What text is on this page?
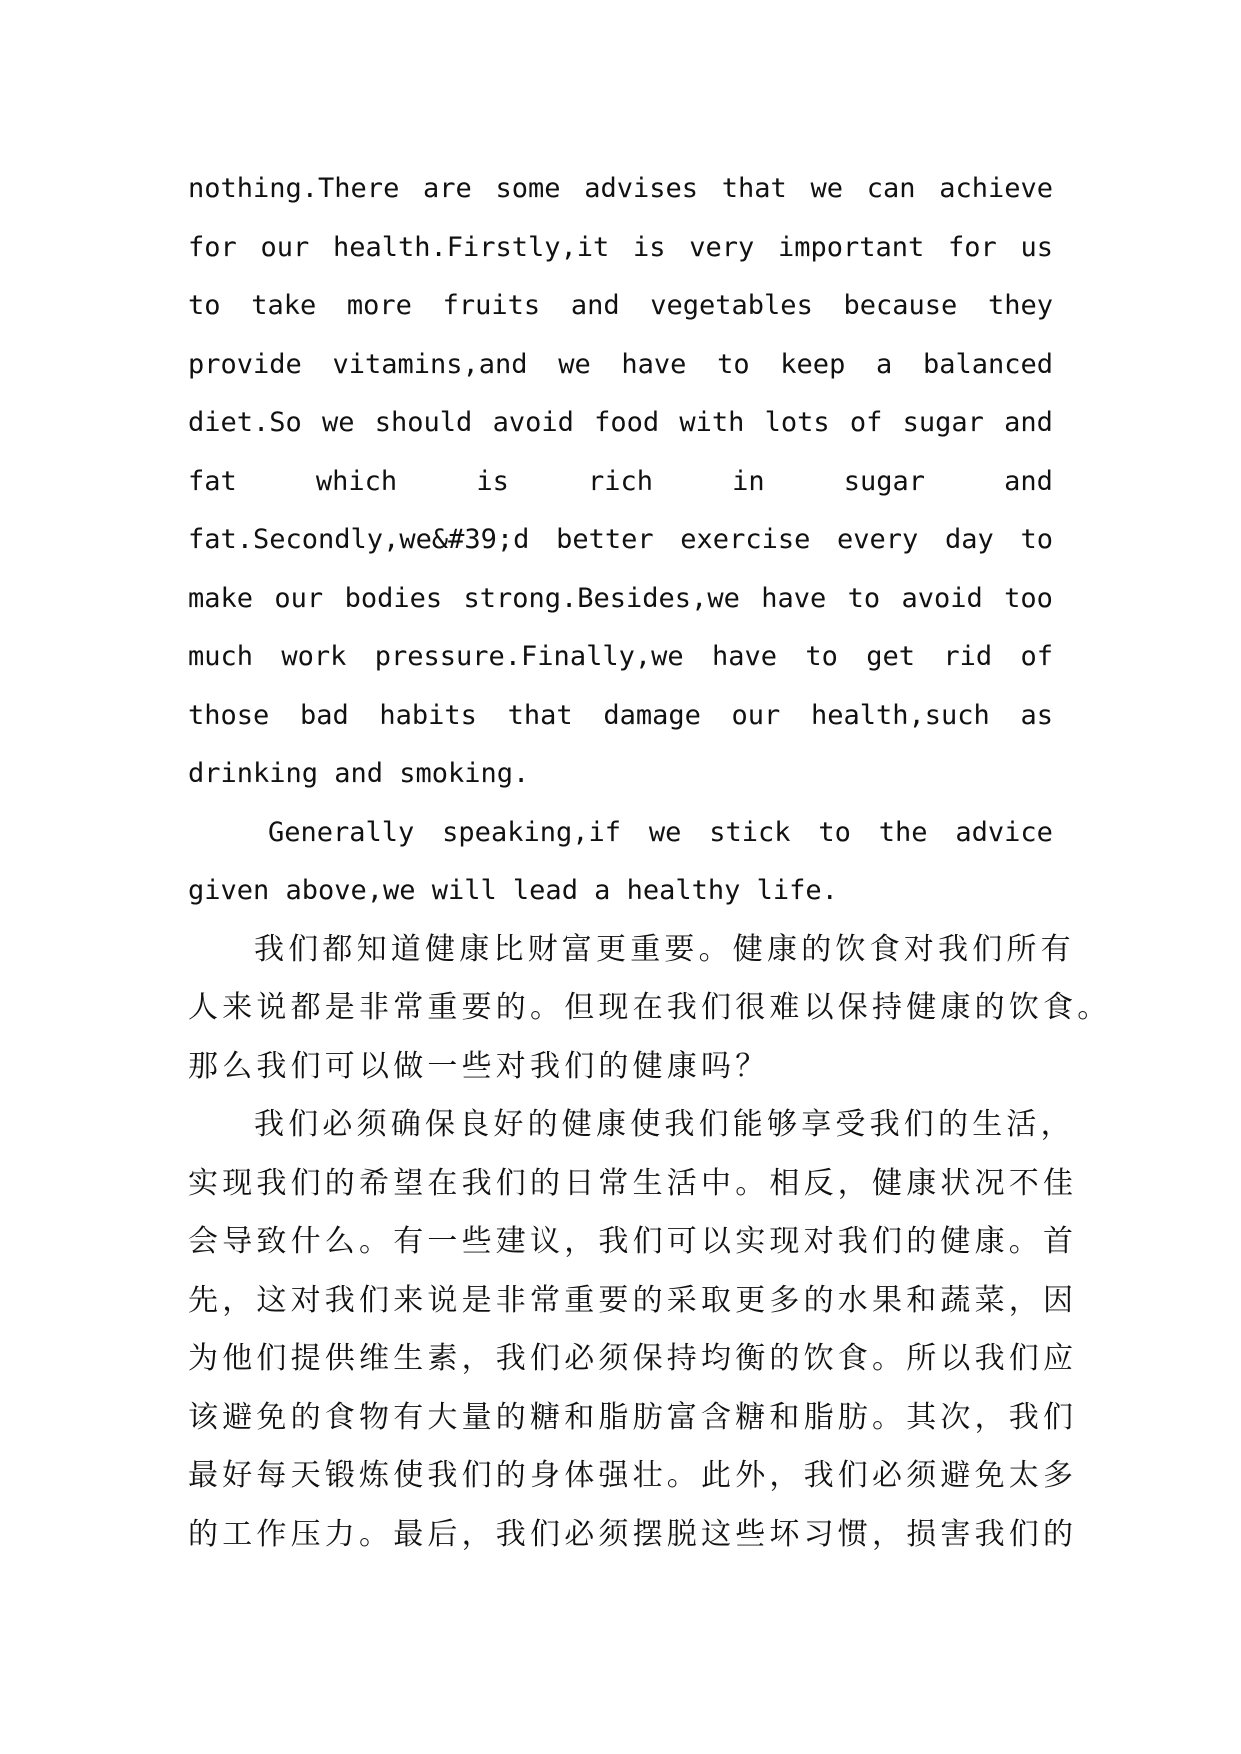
nothing.There are some advises that we can achieve
for our health.Firstly,it is very important for us
to take more fruits and vegetables because they
provide vitamins,and we have to keep a balanced
diet.So we should avoid food with lots of sugar and
fat	which	is	rich	in	sugar	and
fat.Secondly,we&#39;d better exercise every day to
make our bodies strong.Besides,we have to avoid too
much work pressure.Finally,we have to get rid of
those bad habits that damage our health,such as
drinking and smoking.
Generally speaking,if we stick to the advice
given above,we will lead a healthy life.
我们都知道健康比财富更重要。健康的饮食对我们所有
人来说都是非常重要的。但现在我们很难以保持健康的饮食。
那么我们可以做一些对我们的健康吗？
我们必须确保良好的健康使我们能够享受我们的生活，
实现我们的希望在我们的日常生活中。相反，健康状况不佳
会导致什么。有一些建议，我们可以实现对我们的健康。首
先，这对我们来说是非常重要的采取更多的水果和蔬菜，因
为他们提供维生素，我们必须保持均衡的饮食。所以我们应
该避免的食物有大量的糖和脂肪富含糖和脂肪。其次，我们
最好每天锻炼使我们的身体强壮。此外，我们必须避免太多
的工作压力。最后，我们必须摆脱这些坏习惯，损害我们的
